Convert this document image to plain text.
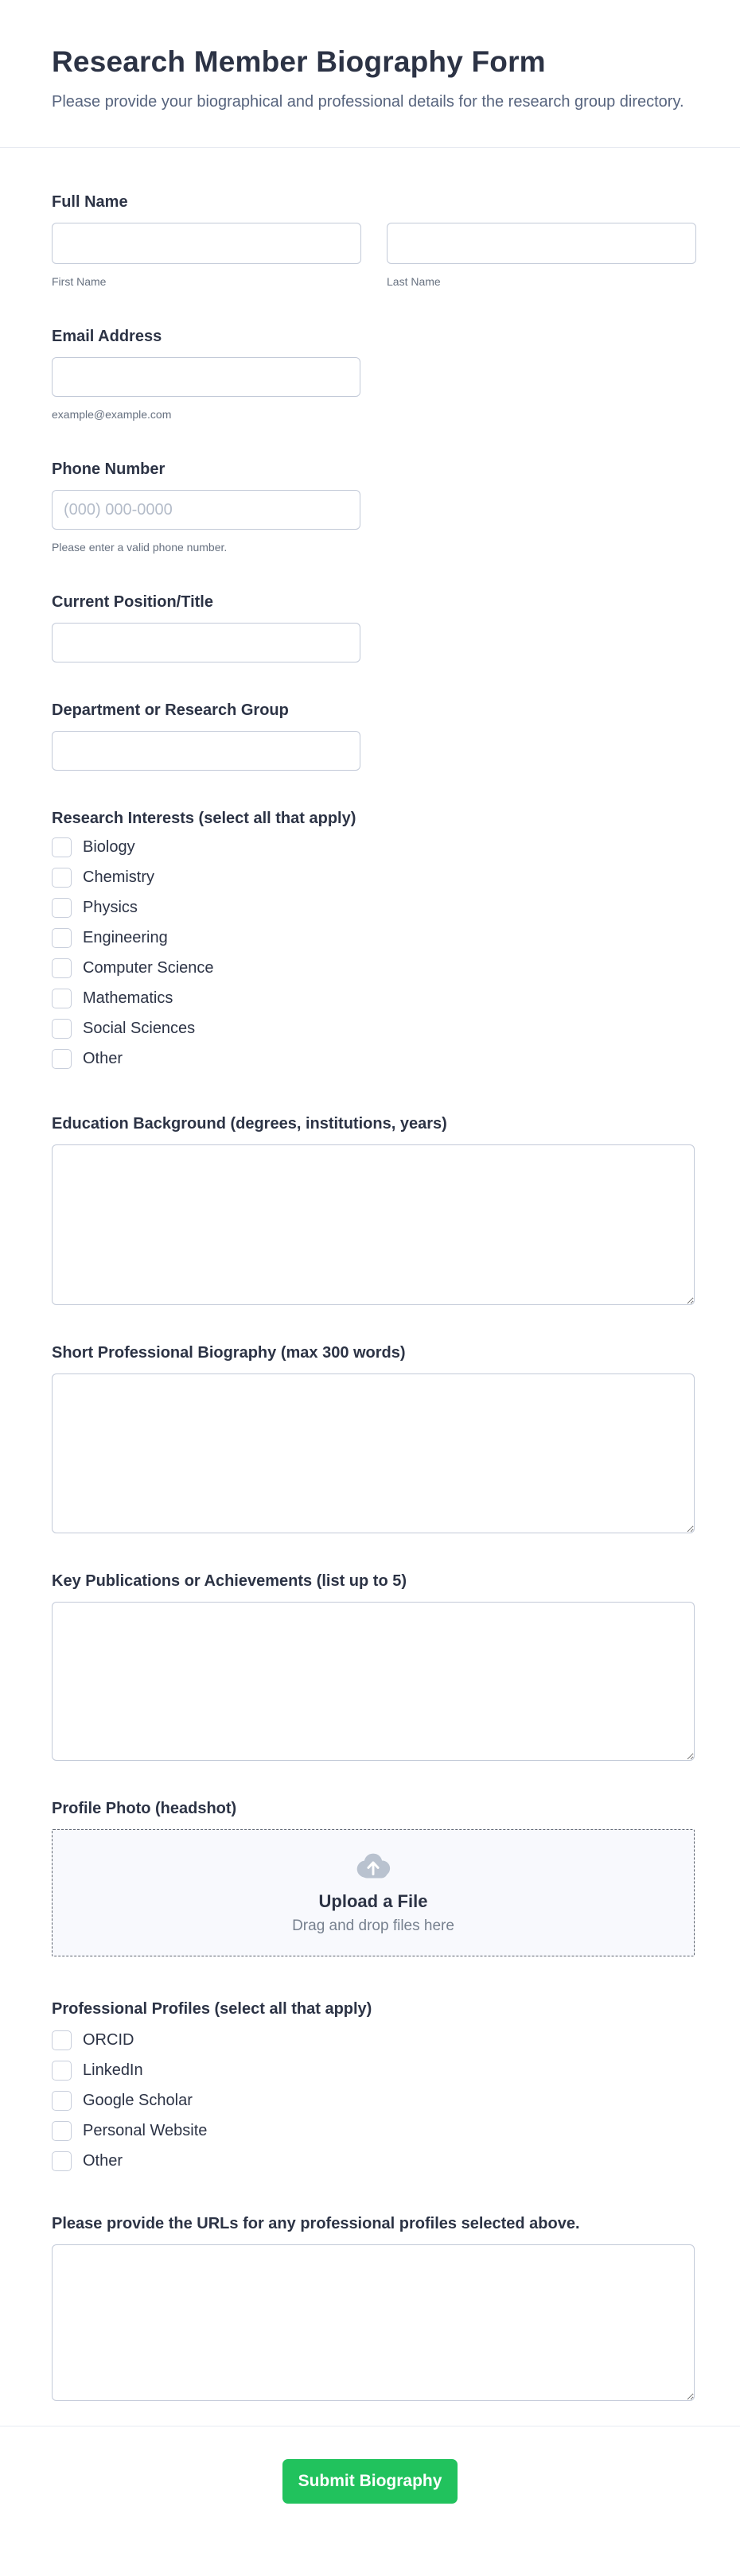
Research Member Biography Form

Please provide your biographical and professional details for the research group directory.

Full Name
First Name	Last Name
Email Address
example@example.com
Phone Number
(000) 000-0000
Please enter a valid phone number.
Current Position/Title
Department or Research Group
Research Interests (select all that apply)
Biology
Chemistry
Physics
Engineering
Computer Science
Mathematics
Social Sciences
Other
Education Background (degrees, institutions, years)
Short Professional Biography (max 300 words)
Key Publications or Achievements (list up to 5)
Profile Photo (headshot)
Upload a File
Drag and drop files here
Professional Profiles (select all that apply)
ORCID
LinkedIn
Google Scholar
Personal Website
Other
Please provide the URLs for any professional profiles selected above.
Submit Biography
